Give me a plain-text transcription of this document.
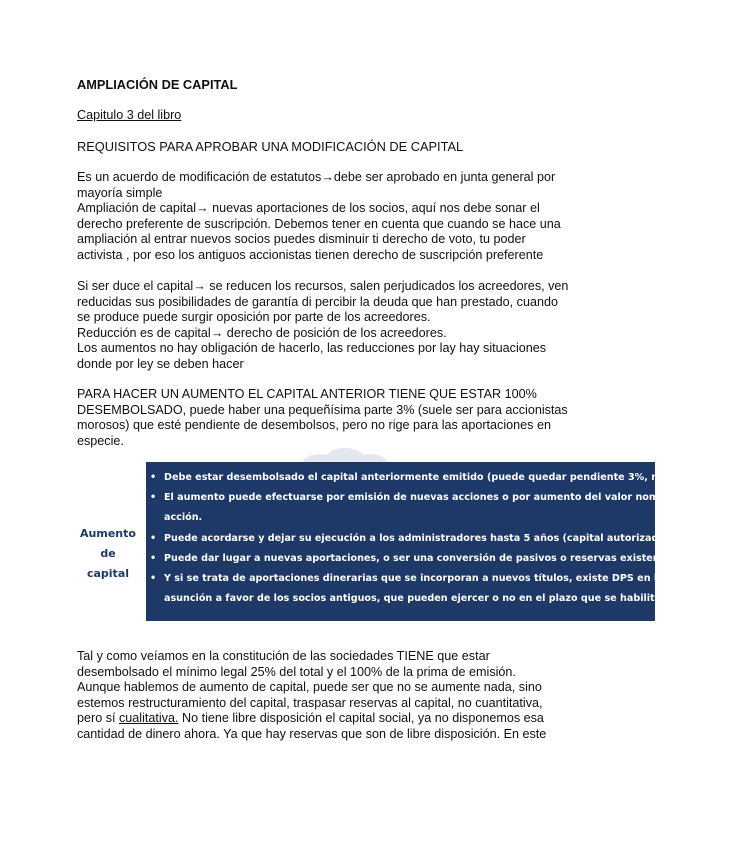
AMPLIACIÓN DE CAPITAL

Capitulo 3 del libro

REQUISITOS PARA APROBAR UNA MODIFICACIÓN DE CAPITAL

Es un acuerdo de modificación de estatutos→debe ser aprobado en junta general por
mayoría simple
Ampliación de capital→ nuevas aportaciones de los socios, aquí nos debe sonar el
derecho preferente de suscripción. Debemos tener en cuenta que cuando se hace una
ampliación al entrar nuevos socios puedes disminuir ti derecho de voto, tu poder
activista , por eso los antiguos accionistas tienen derecho de suscripción preferente
Si ser duce el capital→ se reducen los recursos, salen perjudicados los acreedores, ven
reducidas sus posibilidades de garantía di percibir la deuda que han prestado, cuando
se produce puede surgir oposición por parte de los acreedores.
Reducción es de capital→ derecho de posición de los acreedores.
Los aumentos no hay obligación de hacerlo, las reducciones por lay hay situaciones
donde por ley se deben hacer
PARA HACER UN AUMENTO EL CAPITAL ANTERIOR TIENE QUE ESTAR 100%
DESEMBOLSADO, puede haber una pequeñísima parte 3% (suele ser para accionistas
morosos) que esté pendiente de desembolsos, pero no rige para las aportaciones en
especie.
Aumento
de capital
• Debe estar desembolsado el capital anteriormente emitido (puede quedar pendiente 3%, no en especie).
• El aumento puede efectuarse por emisión de nuevas acciones o por aumento del valor nominal de cada
acción.
• Puede acordarse y dejar su ejecución a los administradores hasta 5 años (capital autorizado).
• Puede dar lugar a nuevas aportaciones, o ser una conversión de pasivos o reservas existentes previamente.
• Y si se trata de aportaciones dinerarias que se incorporan a nuevos títulos, existe DPS en la suscripción o
asunción a favor de los socios antiguos, que pueden ejercer o no en el plazo que se habilite para hacerlo.
Tal y como veíamos en la constitución de las sociedades TIENE que estar
desembolsado el mínimo legal 25% del total y el 100% de la prima de emisión.
Aunque hablemos de aumento de capital, puede ser que no se aumente nada, sino
estemos restructuramiento del capital, traspasar reservas al capital, no cuantitativa,
pero sí cualitativa. No tiene libre disposición el capital social, ya no disponemos esa
cantidad de dinero ahora. Ya que hay reservas que son de libre disposición. En este
